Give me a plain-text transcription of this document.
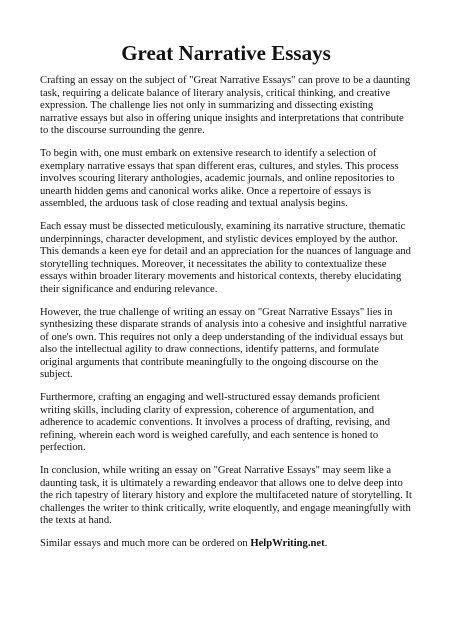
Great Narrative Essays

Crafting an essay on the subject of "Great Narrative Essays" can prove to be a daunting task, requiring a delicate balance of literary analysis, critical thinking, and creative expression. The challenge lies not only in summarizing and dissecting existing narrative essays but also in offering unique insights and interpretations that contribute to the discourse surrounding the genre.

To begin with, one must embark on extensive research to identify a selection of exemplary narrative essays that span different eras, cultures, and styles. This process involves scouring literary anthologies, academic journals, and online repositories to unearth hidden gems and canonical works alike. Once a repertoire of essays is assembled, the arduous task of close reading and textual analysis begins.

Each essay must be dissected meticulously, examining its narrative structure, thematic underpinnings, character development, and stylistic devices employed by the author. This demands a keen eye for detail and an appreciation for the nuances of language and storytelling techniques. Moreover, it necessitates the ability to contextualize these essays within broader literary movements and historical contexts, thereby elucidating their significance and enduring relevance.

However, the true challenge of writing an essay on "Great Narrative Essays" lies in synthesizing these disparate strands of analysis into a cohesive and insightful narrative of one's own. This requires not only a deep understanding of the individual essays but also the intellectual agility to draw connections, identify patterns, and formulate original arguments that contribute meaningfully to the ongoing discourse on the subject.

Furthermore, crafting an engaging and well-structured essay demands proficient writing skills, including clarity of expression, coherence of argumentation, and adherence to academic conventions. It involves a process of drafting, revising, and refining, wherein each word is weighed carefully, and each sentence is honed to perfection.

In conclusion, while writing an essay on "Great Narrative Essays" may seem like a daunting task, it is ultimately a rewarding endeavor that allows one to delve deep into the rich tapestry of literary history and explore the multifaceted nature of storytelling. It challenges the writer to think critically, write eloquently, and engage meaningfully with the texts at hand.

Similar essays and much more can be ordered on HelpWriting.net.
